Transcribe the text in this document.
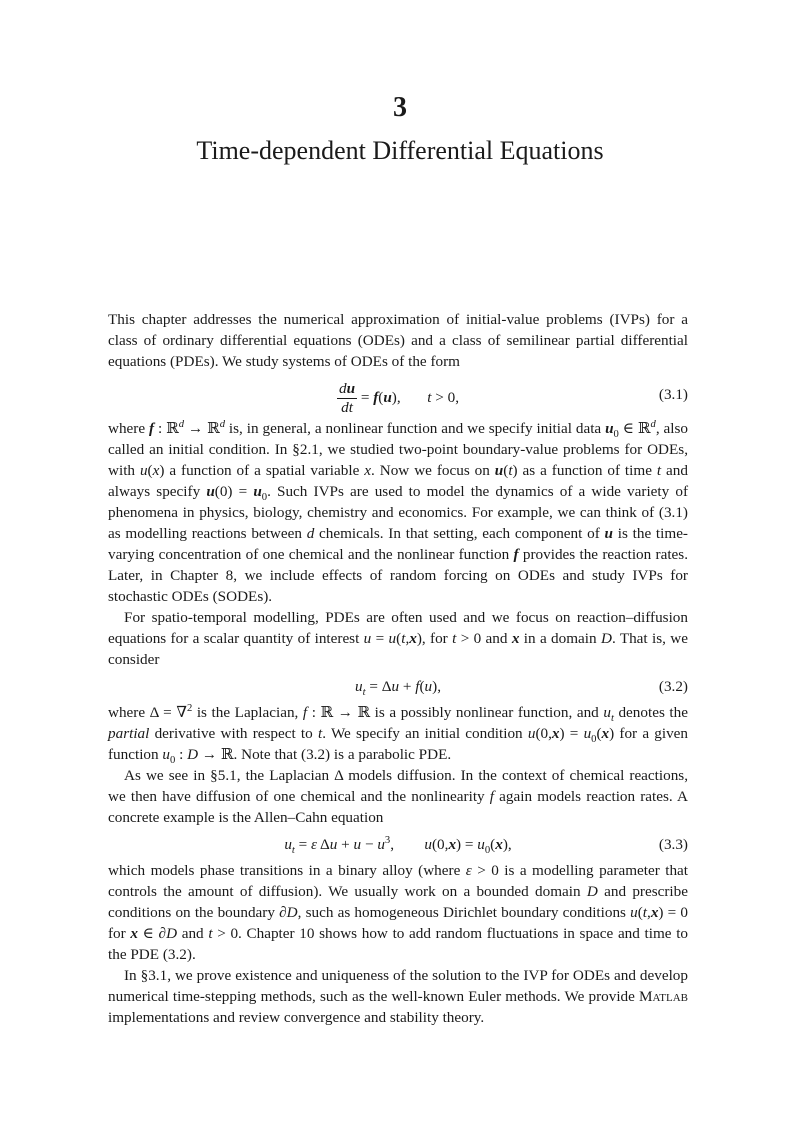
3
Time-dependent Differential Equations

This chapter addresses the numerical approximation of initial-value problems (IVPs) for a class of ordinary differential equations (ODEs) and a class of semilinear partial differential equations (PDEs). We study systems of ODEs of the form

$\frac{du}{dt} = f(u)$,       t > 0,	(3.1)

where f : ℝ$^d$ → ℝ$^d$ is, in general, a nonlinear function and we specify initial data $u_0$ ∈ ℝ$^d$, also called an initial condition. In §2.1, we studied two-point boundary-value problems for ODEs, with u(x) a function of a spatial variable x. Now we focus on u(t) as a function of time t and always specify $u(0) = u_0$. Such IVPs are used to model the dynamics of a wide variety of phenomena in physics, biology, chemistry and economics. For example, we can think of (3.1) as modelling reactions between d chemicals. In that setting, each component of u is the time-varying concentration of one chemical and the nonlinear function f provides the reaction rates. Later, in Chapter 8, we include effects of random forcing on ODEs and study IVPs for stochastic ODEs (SODEs).

For spatio-temporal modelling, PDEs are often used and we focus on reaction–diffusion equations for a scalar quantity of interest u = u(t,x), for t > 0 and x in a domain D. That is, we consider

$u_t = \Delta u + f(u)$,	(3.2)

where Δ = ∇$^2$ is the Laplacian, f : ℝ → ℝ is a possibly nonlinear function, and $u_t$ denotes the partial derivative with respect to t. We specify an initial condition $u(0,x) = u_0(x)$ for a given function $u_0$ : D → ℝ. Note that (3.2) is a parabolic PDE.

As we see in §5.1, the Laplacian Δ models diffusion. In the context of chemical reactions, we then have diffusion of one chemical and the nonlinearity f again models reaction rates. A concrete example is the Allen–Cahn equation

$u_t = \varepsilon$ $\Delta u + u - u^3$,        $u(0,x) = u_0(x)$,	(3.3)

which models phase transitions in a binary alloy (where ε > 0 is a modelling parameter that controls the amount of diffusion). We usually work on a bounded domain D and prescribe conditions on the boundary ∂D, such as homogeneous Dirichlet boundary conditions u(t,x) = 0 for x ∈ ∂D and t > 0. Chapter 10 shows how to add random fluctuations in space and time to the PDE (3.2).

In §3.1, we prove existence and uniqueness of the solution to the IVP for ODEs and develop numerical time-stepping methods, such as the well-known Euler methods. We provide Matlab implementations and review convergence and stability theory.
